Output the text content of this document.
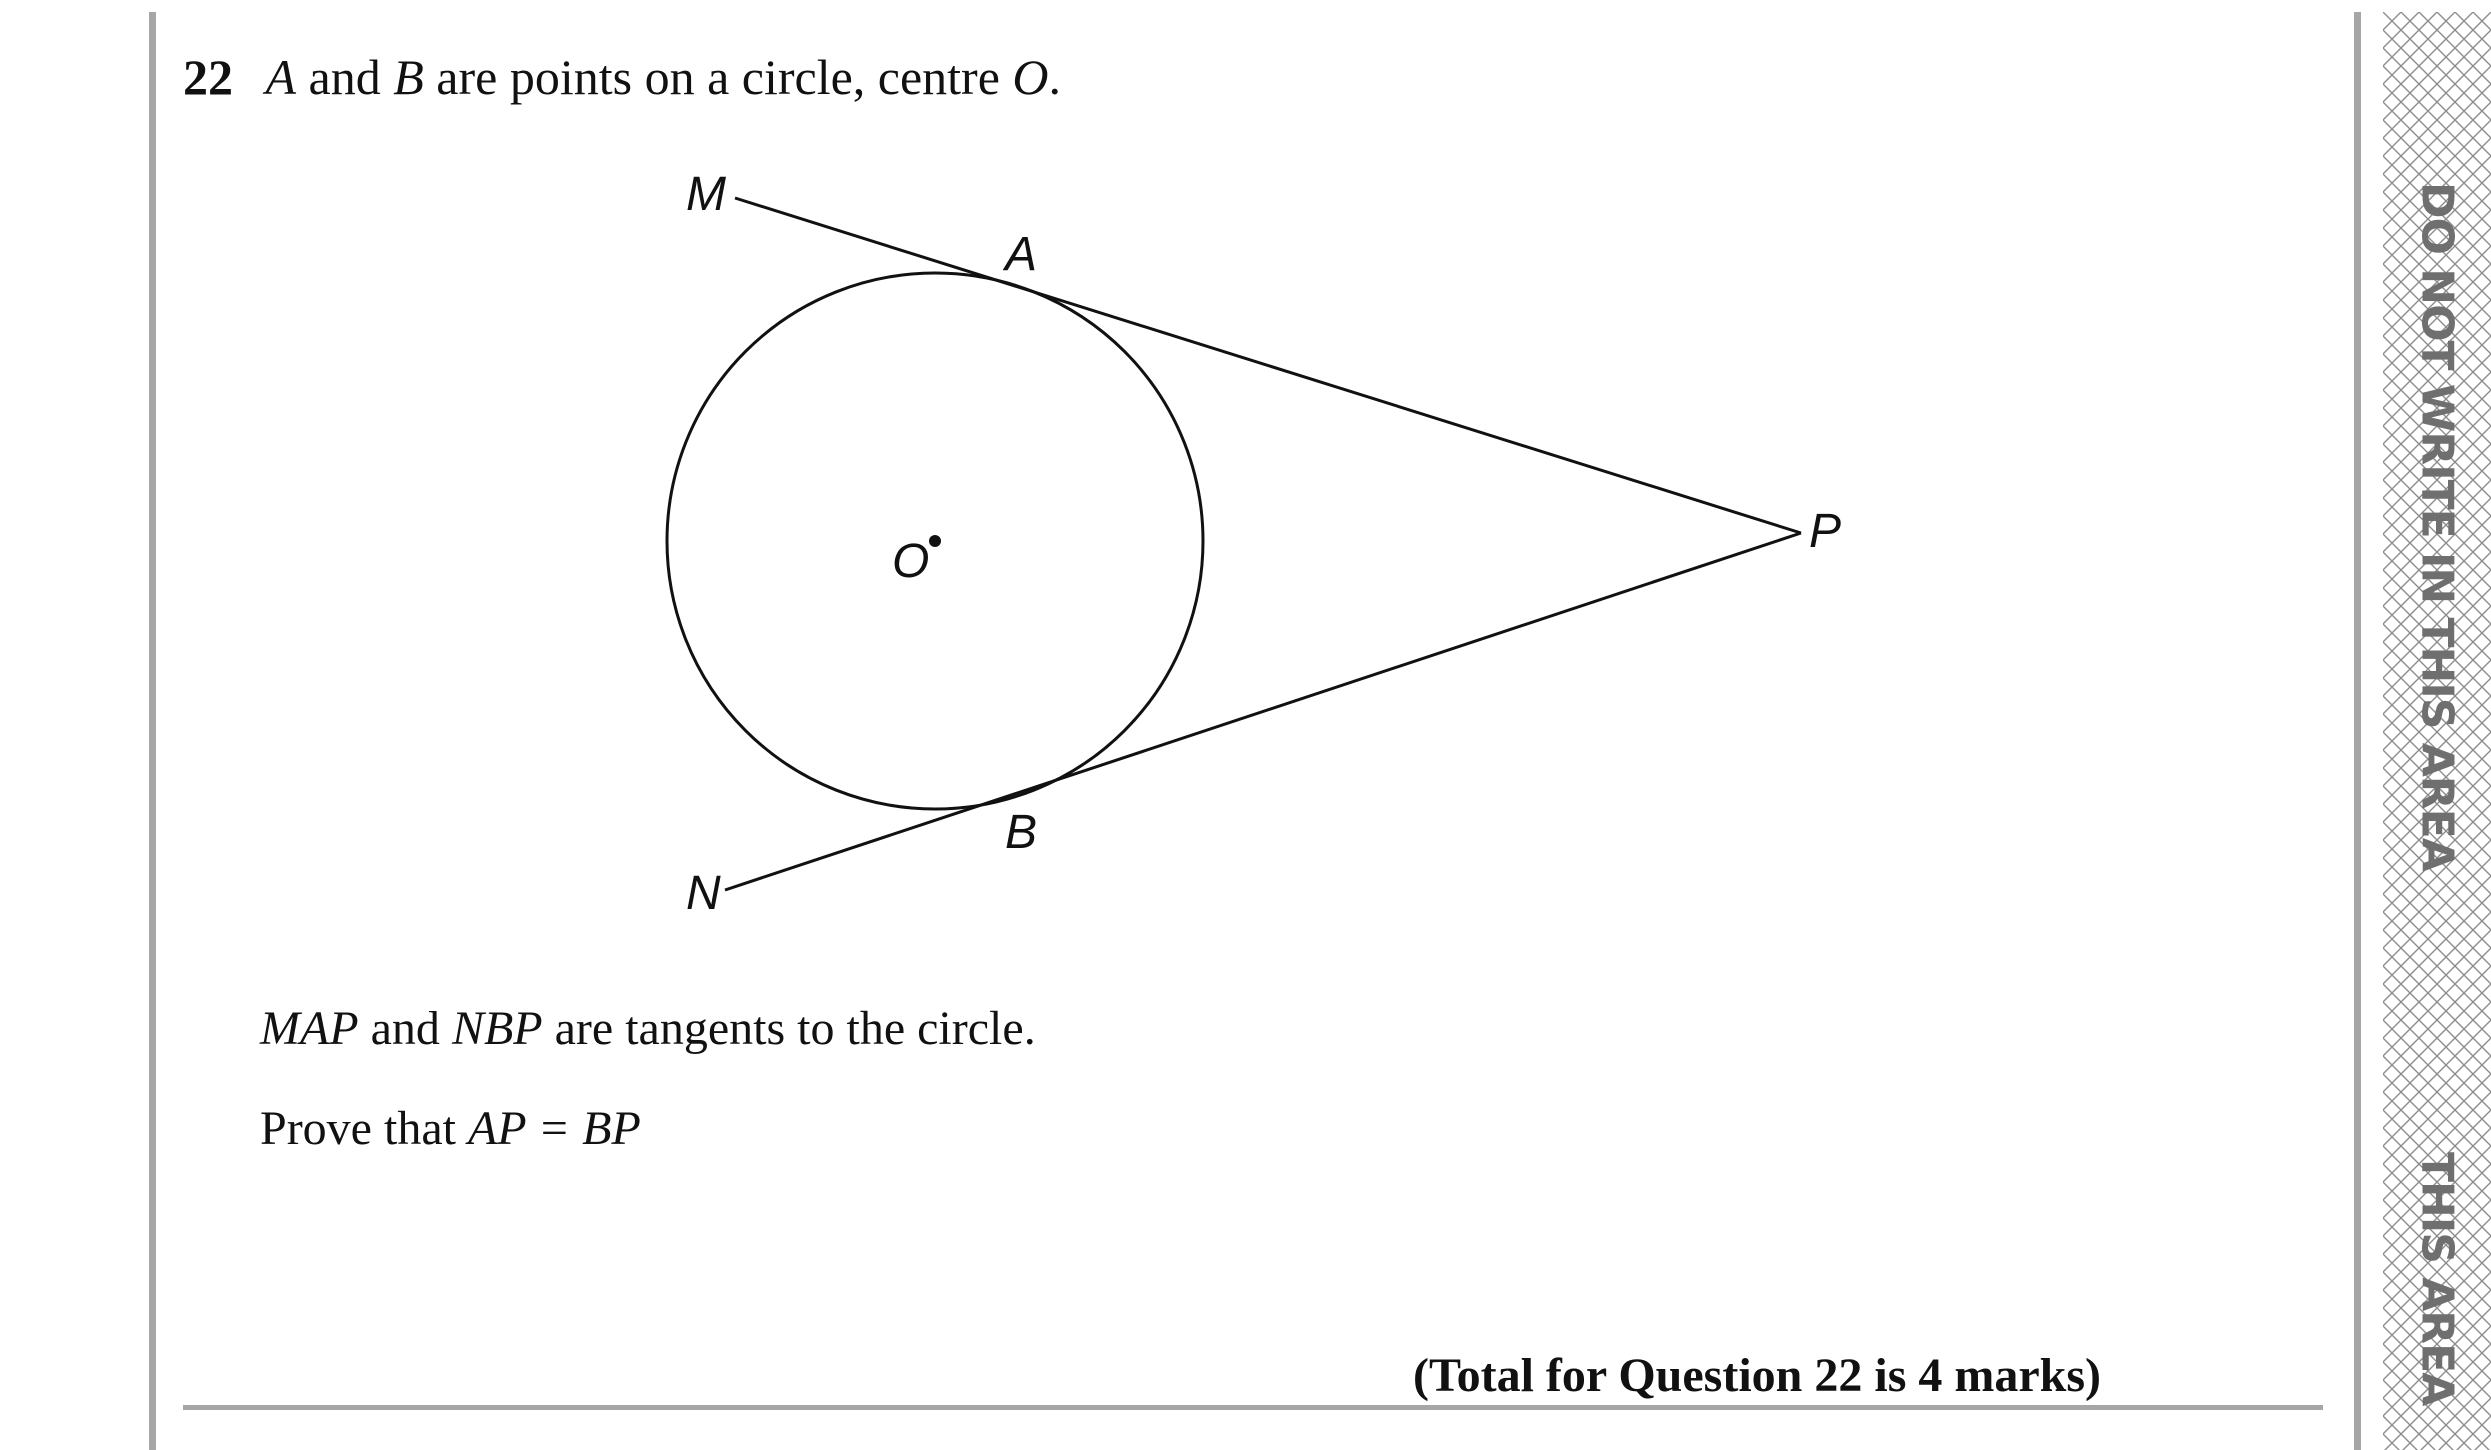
DO NOT WRITE IN THIS AREA
THIS AREA
22 A and B are points on a circle, centre O.
M
A
P
O
B
N
MAP and NBP are tangents to the circle.
Prove that AP = BP
(Total for Question 22 is 4 marks)
